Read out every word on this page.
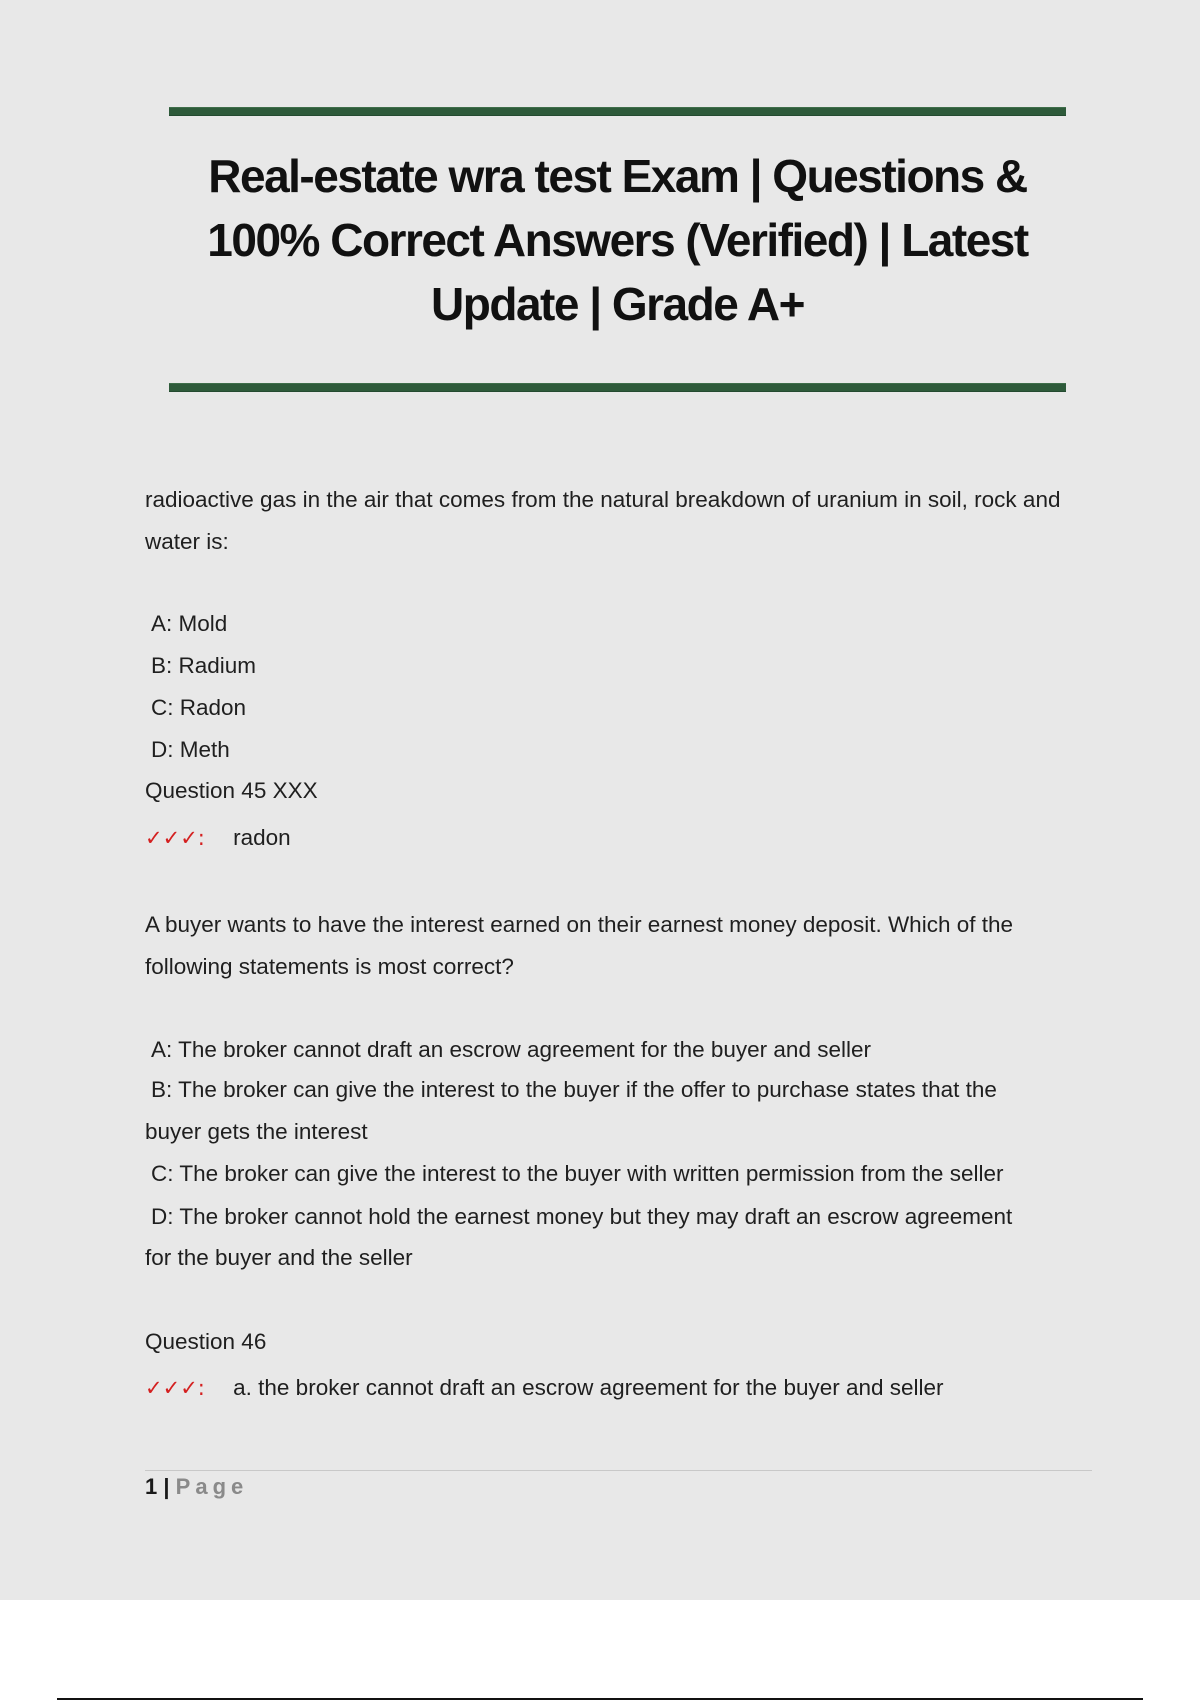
Real-estate wra test Exam | Questions & 100% Correct Answers (Verified) | Latest Update | Grade A+

radioactive gas in the air that comes from the natural breakdown of uranium in soil, rock and water is:

A: Mold

B: Radium

C: Radon

D: Meth

Question 45 XXX

✓✓✓: radon

A buyer wants to have the interest earned on their earnest money deposit. Which of the following statements is most correct?

A: The broker cannot draft an escrow agreement for the buyer and seller

B: The broker can give the interest to the buyer if the offer to purchase states that the

buyer gets the interest

C: The broker can give the interest to the buyer with written permission from the seller

D: The broker cannot hold the earnest money but they may draft an escrow agreement

for the buyer and the seller

Question 46

✓✓✓: a. the broker cannot draft an escrow agreement for the buyer and seller
1 | Page
